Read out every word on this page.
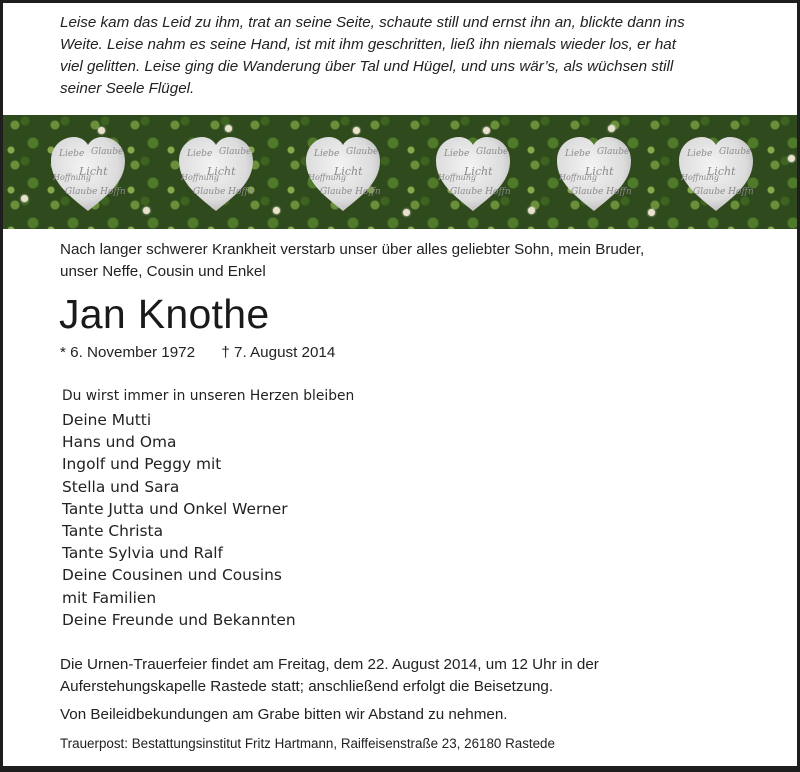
Leise kam das Leid zu ihm, trat an seine Seite, schaute still und ernst ihn an, blickte dann ins

Weite. Leise nahm es seine Hand, ist mit ihm geschritten, ließ ihn niemals wieder los, er hat

viel gelitten. Leise ging die Wanderung über Tal und Hügel, und uns wär’s, als wüchsen still

seiner Seele Flügel.

Liebe Glaube
Licht
Hoffnung
Glaube Hoffn
Liebe Glaube
Licht
Hoffnung
Glaube Hoffn
Liebe Glaube
Licht
Hoffnung
Glaube Hoffn
Liebe Glaube
Licht
Hoffnung
Glaube Hoffn
Liebe Glaube
Licht
Hoffnung
Glaube Hoffn
Liebe Glaube
Licht
Hoffnung
Glaube Hoffn

Nach langer schwerer Krankheit verstarb unser über alles geliebter Sohn, mein Bruder,

unser Neffe, Cousin und Enkel

Jan Knothe
* 6. November 1972 † 7. August 2014
Du wirst immer in unseren Herzen bleiben
Deine Mutti
Hans und Oma
Ingolf und Peggy mit
Stella und Sara
Tante Jutta und Onkel Werner
Tante Christa
Tante Sylvia und Ralf
Deine Cousinen und Cousins
mit Familien
Deine Freunde und Bekannten

Die Urnen-Trauerfeier findet am Freitag, dem 22. August 2014, um 12 Uhr in der

Auferstehungskapelle Rastede statt; anschließend erfolgt die Beisetzung.

Von Beileidbekundungen am Grabe bitten wir Abstand zu nehmen.
Trauerpost: Bestattungsinstitut Fritz Hartmann, Raiffeisenstraße 23, 26180 Rastede
